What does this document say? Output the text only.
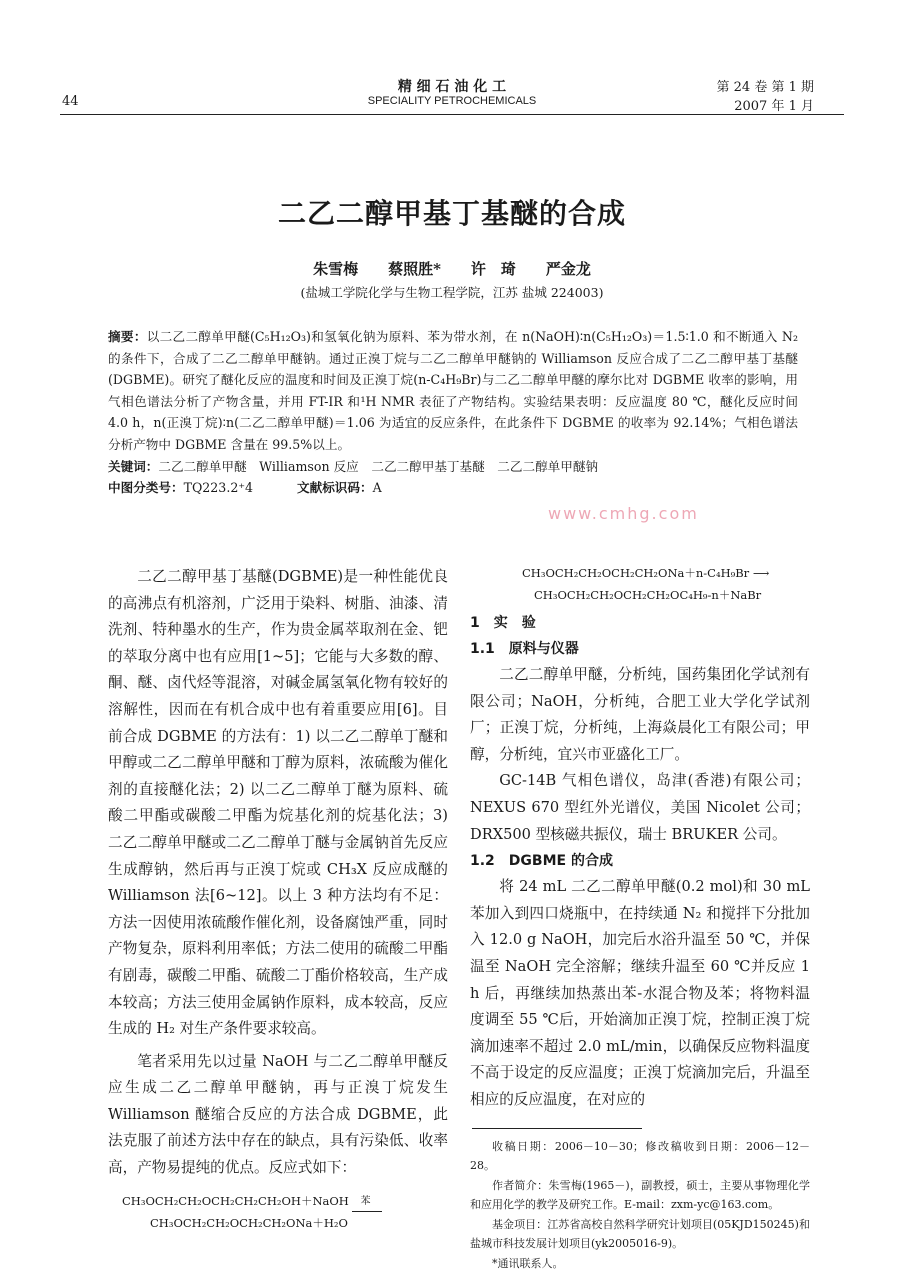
44
精 细 石 油 化 工
SPECIALITY PETROCHEMICALS
第 24 卷 第 1 期
2007 年 1 月
二乙二醇甲基丁基醚的合成
朱雪梅　　蔡照胜*　　许　琦　　严金龙
(盐城工学院化学与生物工程学院，江苏 盐城 224003)
摘要：以二乙二醇单甲醚(C₅H₁₂O₃)和氢氧化钠为原料、苯为带水剂，在 n(NaOH)∶n(C₅H₁₂O₃)＝1.5∶1.0 和不断通入 N₂ 的条件下，合成了二乙二醇单甲醚钠。通过正溴丁烷与二乙二醇单甲醚钠的 Williamson 反应合成了二乙二醇甲基丁基醚(DGBME)。研究了醚化反应的温度和时间及正溴丁烷(n-C₄H₉Br)与二乙二醇单甲醚的摩尔比对 DGBME 收率的影响，用气相色谱法分析了产物含量，并用 FT-IR 和¹H NMR 表征了产物结构。实验结果表明：反应温度 80 ℃，醚化反应时间 4.0 h，n(正溴丁烷)∶n(二乙二醇单甲醚)＝1.06 为适宜的反应条件，在此条件下 DGBME 的收率为 92.14%；气相色谱法分析产物中 DGBME 含量在 99.5%以上。
关键词：二乙二醇单甲醚　Williamson 反应　二乙二醇甲基丁基醚　二乙二醇单甲醚钠
中图分类号：TQ223.2⁺4	文献标识码：A
www.cmhg.com

二乙二醇甲基丁基醚(DGBME)是一种性能优良的高沸点有机溶剂，广泛用于染料、树脂、油漆、清洗剂、特种墨水的生产，作为贵金属萃取剂在金、钯的萃取分离中也有应用[1~5]；它能与大多数的醇、酮、醚、卤代烃等混溶，对碱金属氢氧化物有较好的溶解性，因而在有机合成中也有着重要应用[6]。目前合成 DGBME 的方法有：1) 以二乙二醇单丁醚和甲醇或二乙二醇单甲醚和丁醇为原料，浓硫酸为催化剂的直接醚化法；2) 以二乙二醇单丁醚为原料、硫酸二甲酯或碳酸二甲酯为烷基化剂的烷基化法；3) 二乙二醇单甲醚或二乙二醇单丁醚与金属钠首先反应生成醇钠，然后再与正溴丁烷或 CH₃X 反应成醚的 Williamson 法[6~12]。以上 3 种方法均有不足：方法一因使用浓硫酸作催化剂，设备腐蚀严重，同时产物复杂，原料利用率低；方法二使用的硫酸二甲酯有剧毒，碳酸二甲酯、硫酸二丁酯价格较高，生产成本较高；方法三使用金属钠作原料，成本较高，反应生成的 H₂ 对生产条件要求较高。

笔者采用先以过量 NaOH 与二乙二醇单甲醚反应生成二乙二醇单甲醚钠，再与正溴丁烷发生 Williamson 醚缩合反应的方法合成 DGBME，此法克服了前述方法中存在的缺点，具有污染低、收率高，产物易提纯的优点。反应式如下：

CH₃OCH₂CH₂OCH₂CH₂CH₂OH＋NaOH 苯
CH₃OCH₂CH₂OCH₂CH₂ONa＋H₂O
CH₃OCH₂CH₂OCH₂CH₂ONa＋n-C₄H₉Br ⟶
CH₃OCH₂CH₂OCH₂CH₂OC₄H₉-n＋NaBr
1　实　验
1.1　原料与仪器

二乙二醇单甲醚，分析纯，国药集团化学试剂有限公司；NaOH，分析纯，合肥工业大学化学试剂厂；正溴丁烷，分析纯，上海焱晨化工有限公司；甲醇，分析纯，宜兴市亚盛化工厂。

GC-14B 气相色谱仪，岛津(香港)有限公司；NEXUS 670 型红外光谱仪，美国 Nicolet 公司；DRX500 型核磁共振仪，瑞士 BRUKER 公司。

1.2　DGBME 的合成

将 24 mL 二乙二醇单甲醚(0.2 mol)和 30 mL 苯加入到四口烧瓶中，在持续通 N₂ 和搅拌下分批加入 12.0 g NaOH，加完后水浴升温至 50 ℃，并保温至 NaOH 完全溶解；继续升温至 60 ℃并反应 1 h 后，再继续加热蒸出苯-水混合物及苯；将物料温度调至 55 ℃后，开始滴加正溴丁烷，控制正溴丁烷滴加速率不超过 2.0 mL/min，以确保反应物料温度不高于设定的反应温度；正溴丁烷滴加完后，升温至相应的反应温度，在对应的

收稿日期：2006－10－30；修改稿收到日期：2006－12－28。

作者简介：朱雪梅(1965－)，副教授，硕士，主要从事物理化学和应用化学的教学及研究工作。E-mail：zxm-yc@163.com。

基金项目：江苏省高校自然科学研究计划项目(05KJD150245)和盐城市科技发展计划项目(yk2005016-9)。

*通讯联系人。
